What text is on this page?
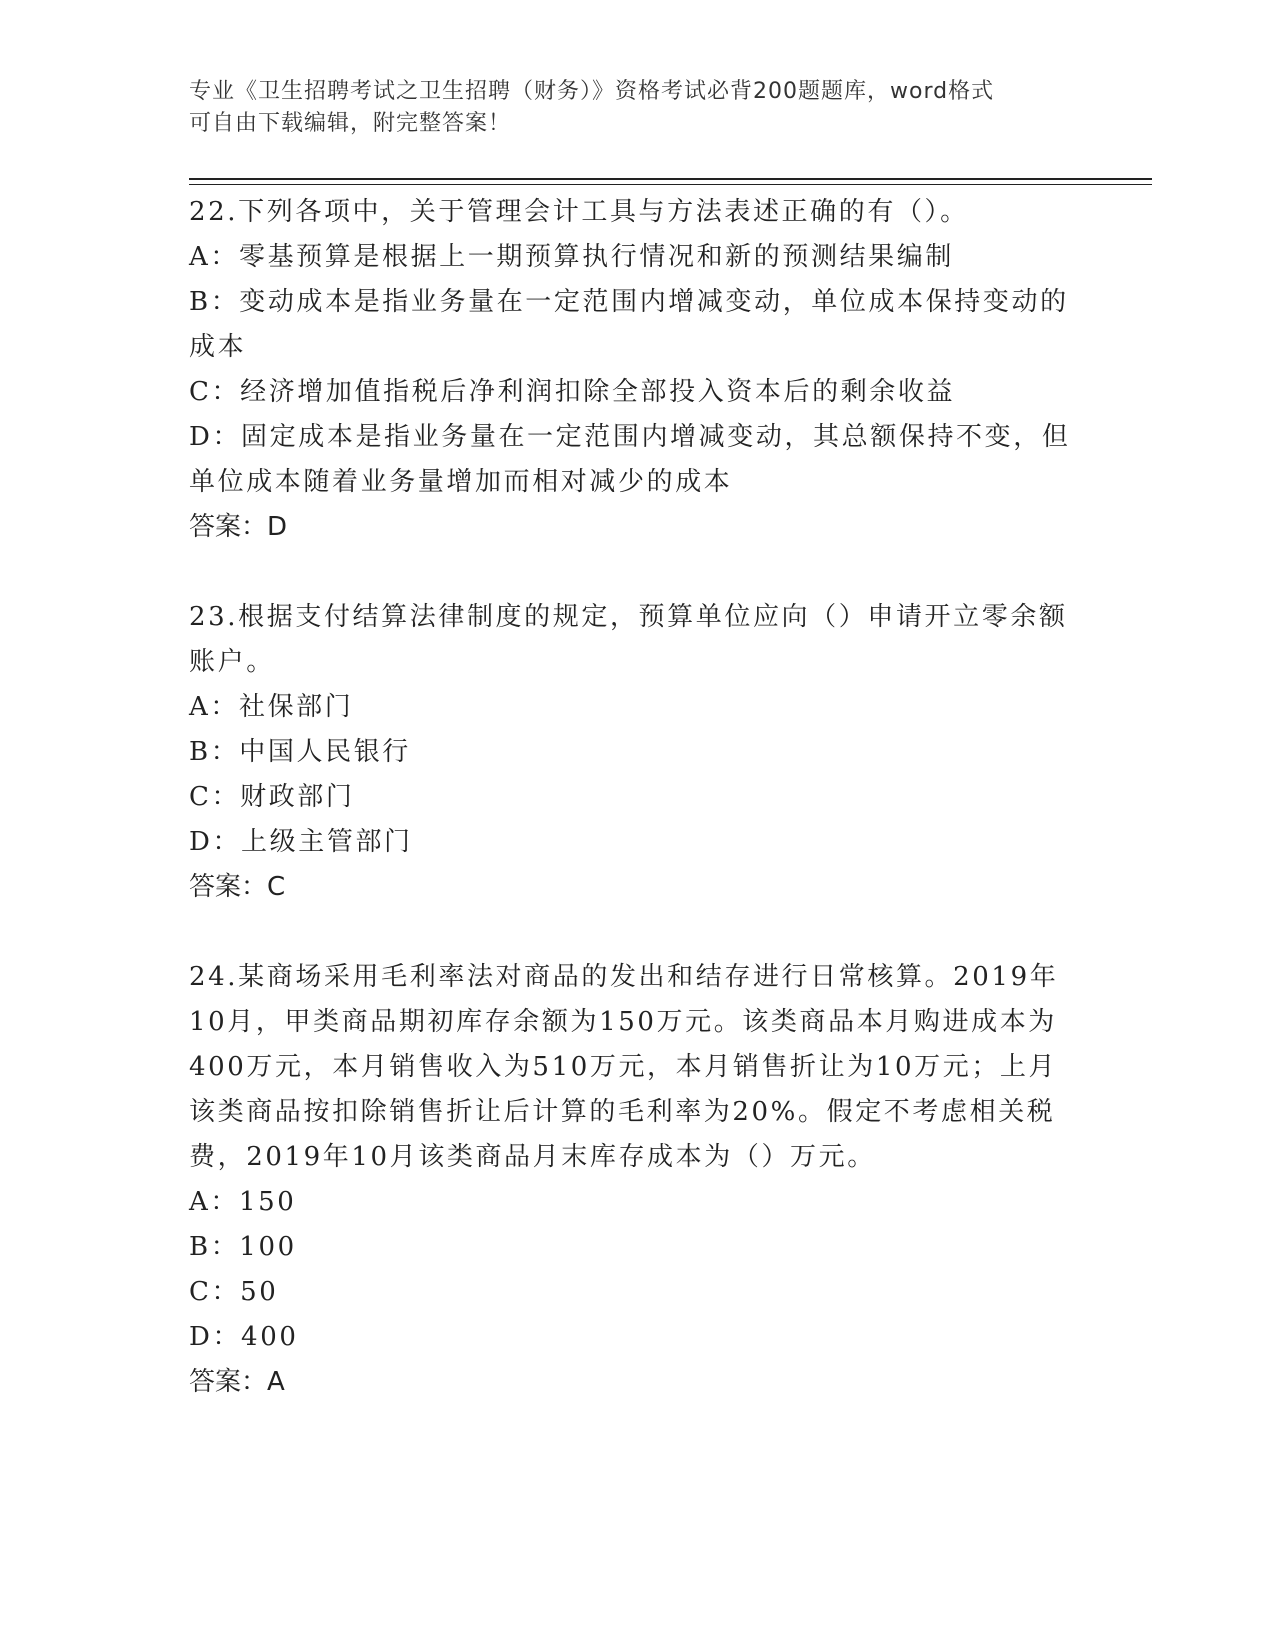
专业《卫生招聘考试之卫生招聘（财务）》资格考试必背200题题库，word格式
可自由下载编辑，附完整答案！

22.下列各项中，关于管理会计工具与方法表述正确的有（）。

A：零基预算是根据上一期预算执行情况和新的预测结果编制

B：变动成本是指业务量在一定范围内增减变动，单位成本保持变动的成本

C：经济增加值指税后净利润扣除全部投入资本后的剩余收益

D：固定成本是指业务量在一定范围内增减变动，其总额保持不变，但单位成本随着业务量增加而相对减少的成本

答案：D

23.根据支付结算法律制度的规定，预算单位应向（）申请开立零余额账户。

A：社保部门

B：中国人民银行

C：财政部门

D：上级主管部门

答案：C

24.某商场采用毛利率法对商品的发出和结存进行日常核算。2019年10月，甲类商品期初库存余额为150万元。该类商品本月购进成本为400万元，本月销售收入为510万元，本月销售折让为10万元；上月该类商品按扣除销售折让后计算的毛利率为20%。假定不考虑相关税费，2019年10月该类商品月末库存成本为（）万元。

A：150

B：100

C：50

D：400

答案：A
